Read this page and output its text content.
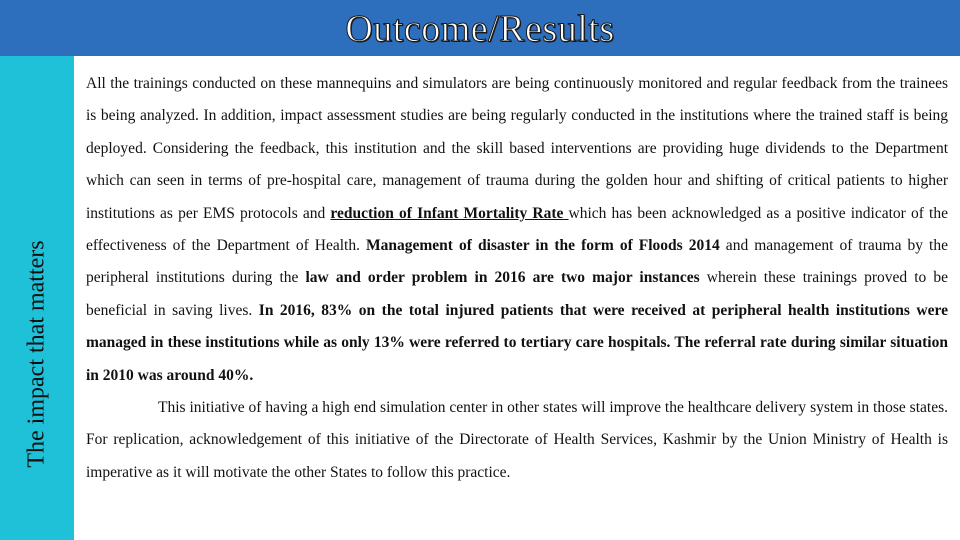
Outcome/Results
The impact that matters

All the trainings conducted on these mannequins and simulators are being continuously monitored and regular feedback from the trainees is being analyzed. In addition, impact assessment studies are being regularly conducted in the institutions where the trained staff is being deployed. Considering the feedback, this institution and the skill based interventions are providing huge dividends to the Department which can seen in terms of pre-hospital care, management of trauma during the golden hour and shifting of critical patients to higher institutions as per EMS protocols and reduction of Infant Mortality Rate which has been acknowledged as a positive indicator of the effectiveness of the Department of Health. Management of disaster in the form of Floods 2014 and management of trauma by the peripheral institutions during the law and order problem in 2016 are two major instances wherein these trainings proved to be beneficial in saving lives. In 2016, 83% on the total injured patients that were received at peripheral health institutions were managed in these institutions while as only 13% were referred to tertiary care hospitals. The referral rate during similar situation in 2010 was around 40%.

This initiative of having a high end simulation center in other states will improve the healthcare delivery system in those states. For replication, acknowledgement of this initiative of the Directorate of Health Services, Kashmir by the Union Ministry of Health is imperative as it will motivate the other States to follow this practice.
